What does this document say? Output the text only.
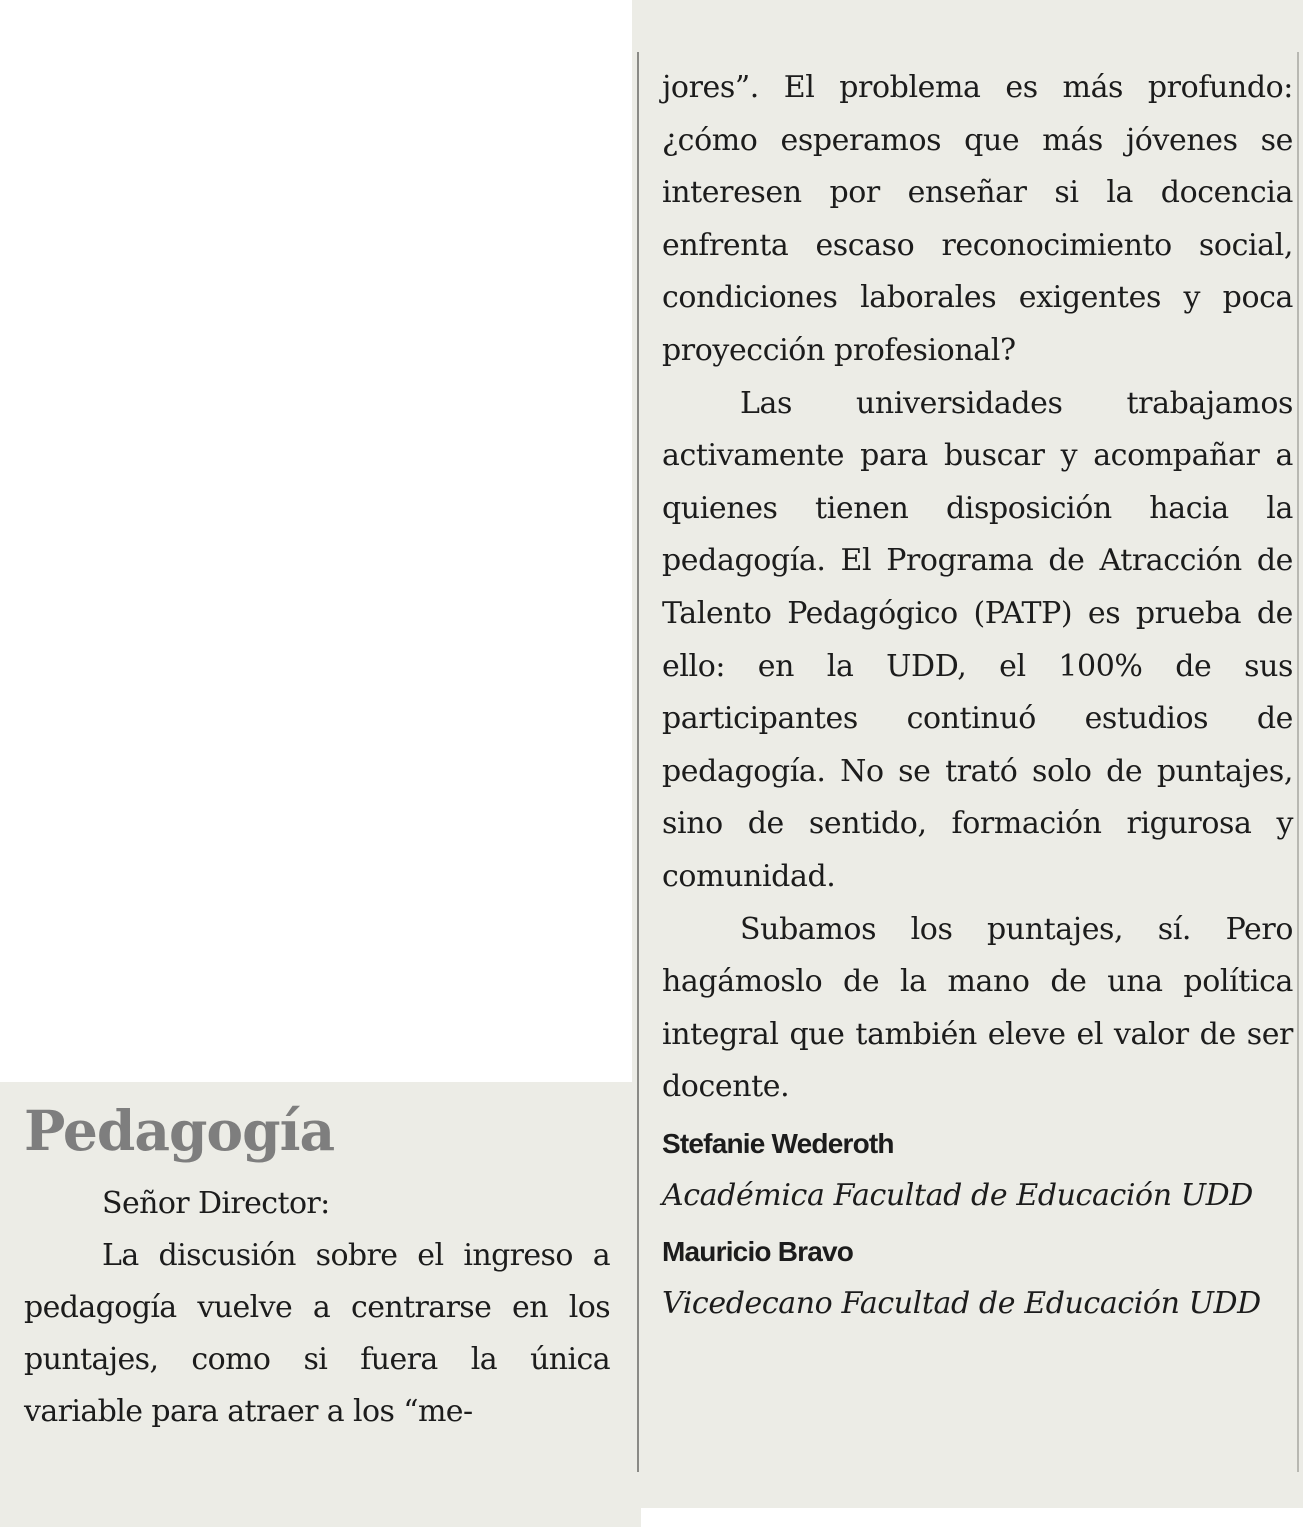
Pedagogía

Señor Director:

La discusión sobre el ingreso a pedagogía vuelve a centrarse en los puntajes, como si fuera la única variable para atraer a los “me-

jores”. El problema es más profundo: ¿cómo esperamos que más jóvenes se interesen por enseñar si la docencia enfrenta escaso reconocimiento social, condiciones laborales exigentes y poca proyección profesional?

Las universidades trabajamos activamente para buscar y acompañar a quienes tienen disposición hacia la pedagogía. El Programa de Atracción de Talento Pedagógico (PATP) es prueba de ello: en la UDD, el 100% de sus participantes continuó estudios de pedagogía. No se trató solo de puntajes, sino de sentido, formación rigurosa y comunidad.

Subamos los puntajes, sí. Pero hagámoslo de la mano de una política integral que también eleve el valor de ser docente.

Stefanie Wederoth

Académica Facultad de Educación UDD

Mauricio Bravo

Vicedecano Facultad de Educación UDD
